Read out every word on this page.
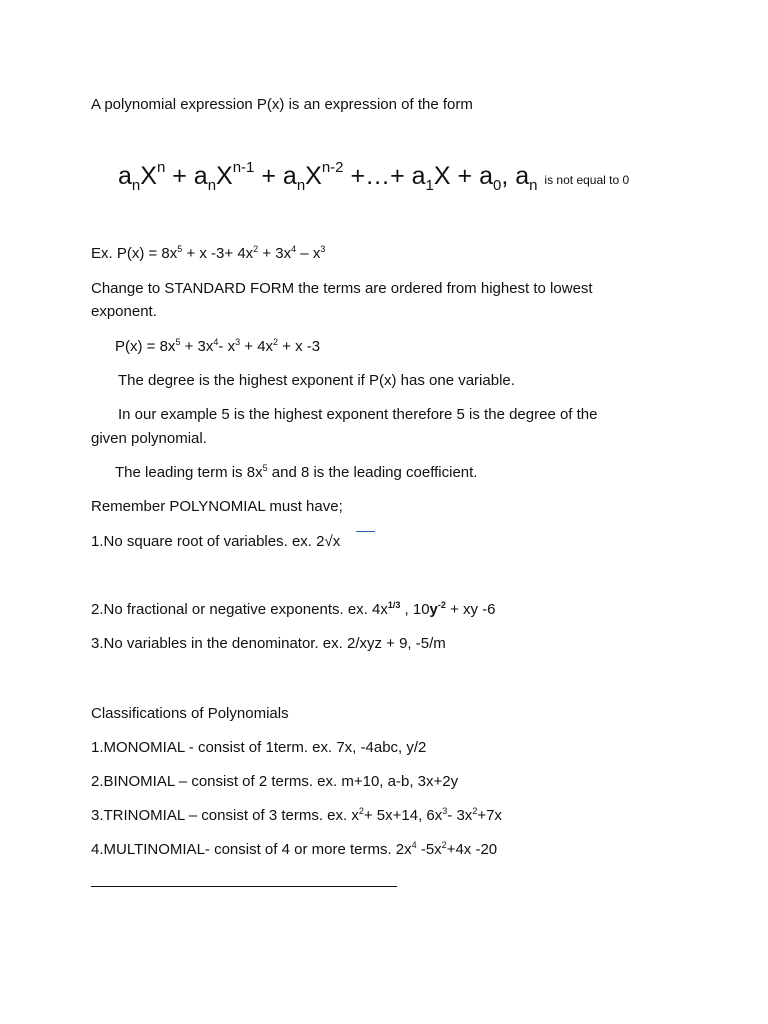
A polynomial expression P(x) is an expression of the form
$a_nX^n + a_nX^{n-1} + a_nX^{n-2}$ +…+ $a_1X + a_0$, $a_n$ is not equal to 0
Ex. $P(x) = 8x^5 + x$ $-3+ 4x^2 + 3x^4 - x^3$
Change to STANDARD FORM the terms are ordered from highest to lowest
exponent.
$P(x) = 8x^5 + 3x^4-$ $x^3 + 4x^2 + x$ -3
The degree is the highest exponent if P(x) has one variable.
In our example 5 is the highest exponent therefore 5 is the degree of the
given polynomial.
The leading term is $8x^5$ and 8 is the leading coefficient.
Remember POLYNOMIAL must have;
1.No square root of variables. ex. 2√x
2.No fractional or negative exponents. ex. $4x^{1/3}$ , $10y^{-2}$ + xy -6
3.No variables in the denominator. ex. 2/xyz + 9, -5/m
Classifications of Polynomials
1.MONOMIAL - consist of 1term. ex. 7x, -4abc, y/2
2.BINOMIAL – consist of 2 terms. ex. m+10, a-b, 3x+2y
3.TRINOMIAL – consist of 3 terms. ex. $x^2+ 5x+14$, $6x^3-$ $3x^2+7x$
4.MULTINOMIAL- consist of 4 or more terms. $2x^4$ $-5x^2+4x$ -20
